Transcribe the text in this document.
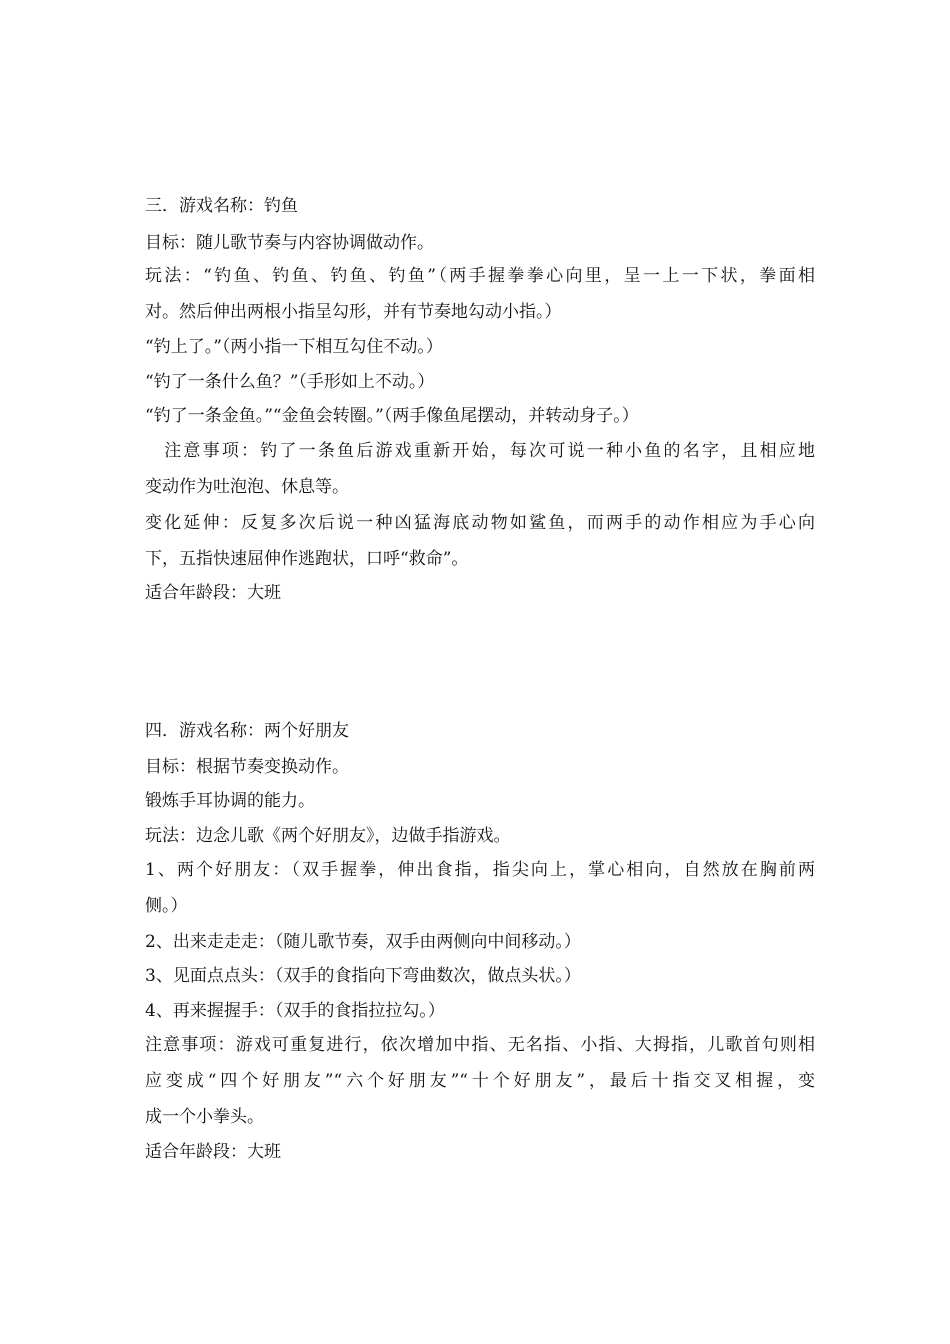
三．游戏名称：钓鱼
目标：随儿歌节奏与内容协调做动作。
玩法：“钓鱼、钓鱼、钓鱼、钓鱼”（两手握拳拳心向里，呈一上一下状，拳面相
对。然后伸出两根小指呈勾形，并有节奏地勾动小指。）
“钓上了。”（两小指一下相互勾住不动。）
“钓了一条什么鱼？”（手形如上不动。）
“钓了一条金鱼。”“金鱼会转圈。”（两手像鱼尾摆动，并转动身子。）
　注意事项：钓了一条鱼后游戏重新开始，每次可说一种小鱼的名字，且相应地
变动作为吐泡泡、休息等。
变化延伸：反复多次后说一种凶猛海底动物如鲨鱼，而两手的动作相应为手心向
下，五指快速屈伸作逃跑状，口呼“救命”。
适合年龄段：大班
四．游戏名称：两个好朋友
目标：根据节奏变换动作。
锻炼手耳协调的能力。
玩法：边念儿歌《两个好朋友》，边做手指游戏。
1、两个好朋友：（双手握拳，伸出食指，指尖向上，掌心相向，自然放在胸前两
侧。）
2、出来走走走：（随儿歌节奏，双手由两侧向中间移动。）
3、见面点点头：（双手的食指向下弯曲数次，做点头状。）
4、再来握握手：（双手的食指拉拉勾。）
注意事项：游戏可重复进行，依次增加中指、无名指、小指、大拇指，儿歌首句则相
应变成“四个好朋友”“六个好朋友”“十个好朋友”，最后十指交叉相握，变
成一个小拳头。
适合年龄段：大班
